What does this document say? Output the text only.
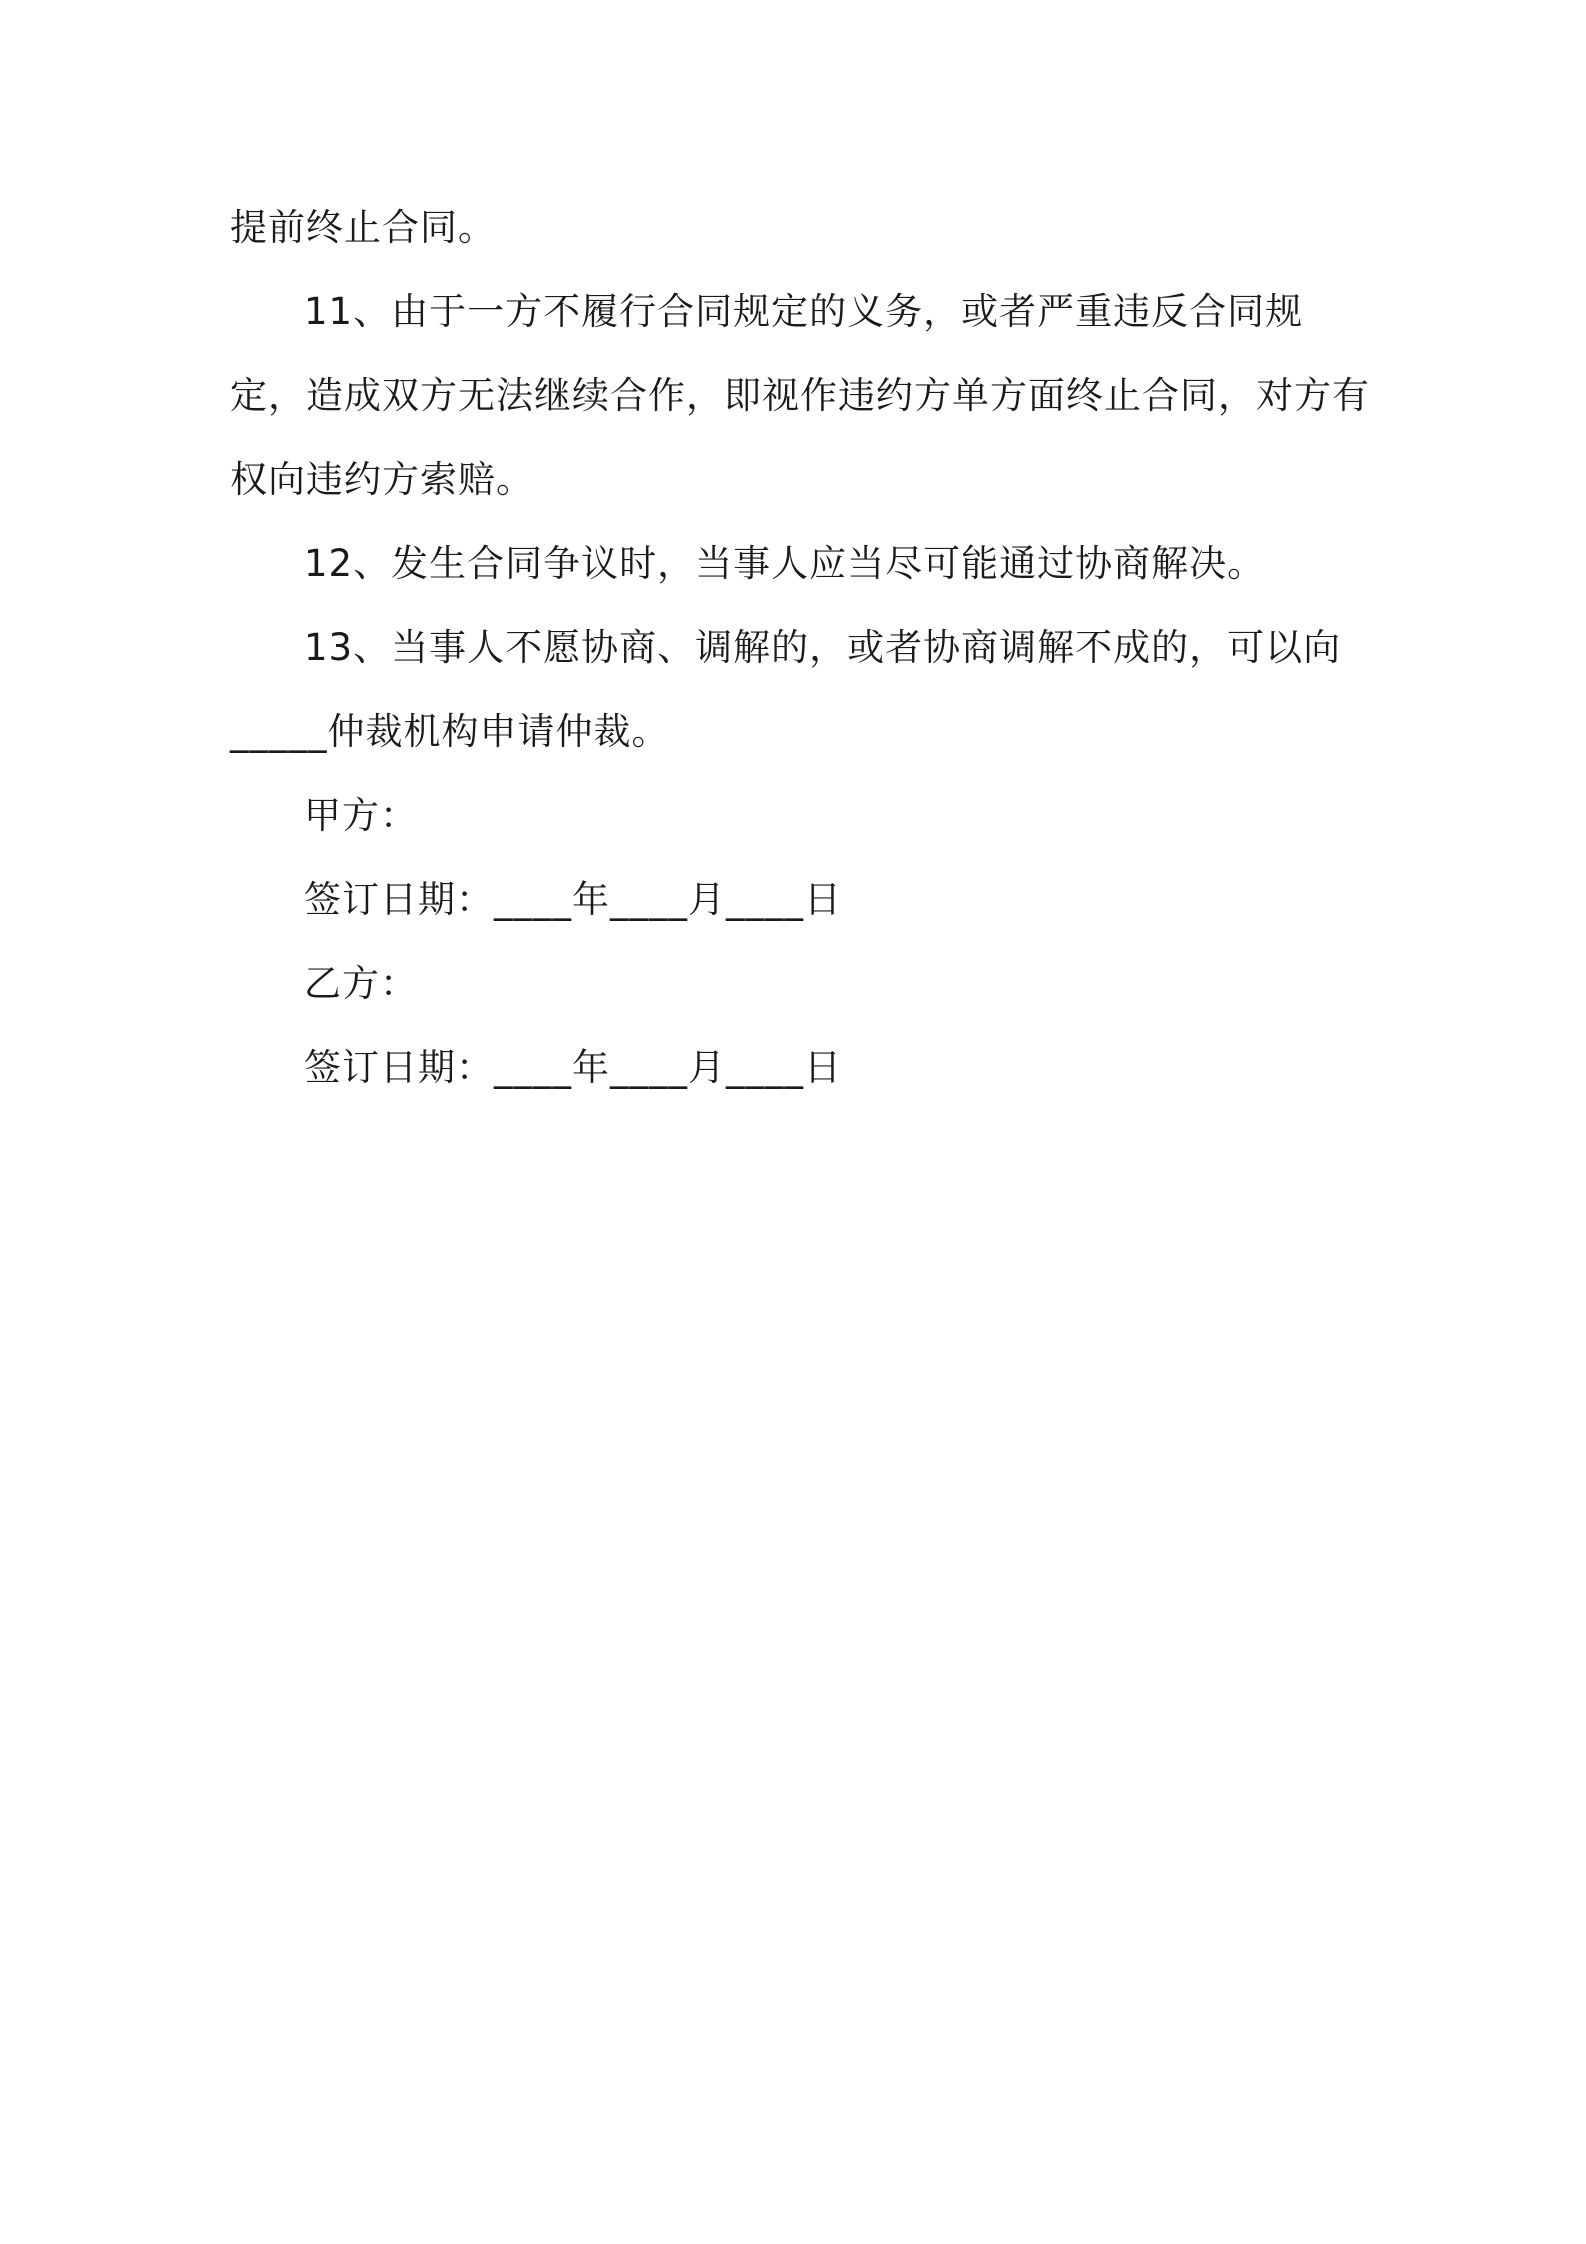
提前终止合同。

11、由于一方不履行合同规定的义务，或者严重违反合同规定，造成双方无法继续合作，即视作违约方单方面终止合同，对方有权向违约方索赔。

12、发生合同争议时，当事人应当尽可能通过协商解决。

13、当事人不愿协商、调解的，或者协商调解不成的，可以向_____仲裁机构申请仲裁。

甲方：

签订日期：____年____月____日

乙方：

签订日期：____年____月____日
